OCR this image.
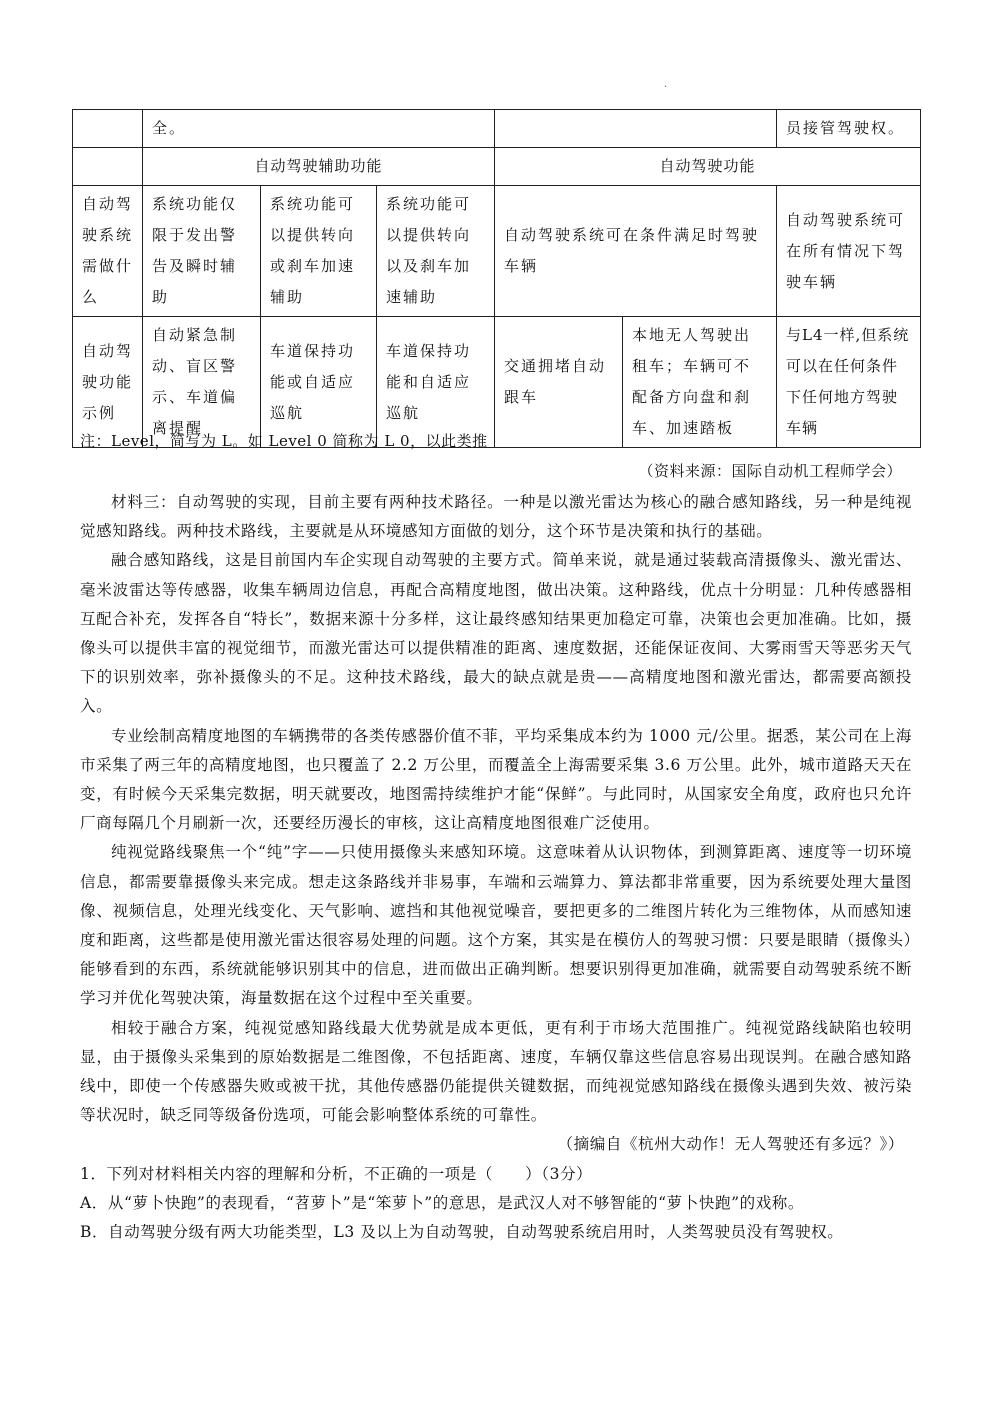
·
	全。					员接管驾驶权。
	自动驾驶辅助功能			自动驾驶功能		
自动驾驶系统需做什么	系统功能仅限于发出警告及瞬时辅助	系统功能可以提供转向或刹车加速辅助	系统功能可以提供转向以及刹车加速辅助	自动驾驶系统可在条件满足时驾驶车辆		自动驾驶系统可在所有情况下驾驶车辆
自动驾驶功能示例	自动紧急制动、盲区警示、车道偏离提醒	车道保持功能或自适应巡航	车道保持功能和自适应巡航	交通拥堵自动跟车	本地无人驾驶出租车；车辆可不配备方向盘和刹车、加速踏板	与L4一样,但系统可以在任何条件下任何地方驾驶车辆
注：Level，简写为 L。如 Level 0 简称为 L 0，以此类推
（资料来源：国际自动机工程师学会）

材料三：自动驾驶的实现，目前主要有两种技术路径。一种是以激光雷达为核心的融合感知路线，另一种是纯视觉感知路线。两种技术路线，主要就是从环境感知方面做的划分，这个环节是决策和执行的基础。

融合感知路线，这是目前国内车企实现自动驾驶的主要方式。简单来说，就是通过装载高清摄像头、激光雷达、毫米波雷达等传感器，收集车辆周边信息，再配合高精度地图，做出决策。这种路线，优点十分明显：几种传感器相互配合补充，发挥各自“特长”，数据来源十分多样，这让最终感知结果更加稳定可靠，决策也会更加准确。比如，摄像头可以提供丰富的视觉细节，而激光雷达可以提供精准的距离、速度数据，还能保证夜间、大雾雨雪天等恶劣天气下的识别效率，弥补摄像头的不足。这种技术路线，最大的缺点就是贵——高精度地图和激光雷达，都需要高额投入。

专业绘制高精度地图的车辆携带的各类传感器价值不菲，平均采集成本约为 1000 元/公里。据悉，某公司在上海市采集了两三年的高精度地图，也只覆盖了 2.2 万公里，而覆盖全上海需要采集 3.6 万公里。此外，城市道路天天在变，有时候今天采集完数据，明天就要改，地图需持续维护才能“保鲜”。与此同时，从国家安全角度，政府也只允许厂商每隔几个月刷新一次，还要经历漫长的审核，这让高精度地图很难广泛使用。

纯视觉路线聚焦一个“纯”字——只使用摄像头来感知环境。这意味着从认识物体，到测算距离、速度等一切环境信息，都需要靠摄像头来完成。想走这条路线并非易事，车端和云端算力、算法都非常重要，因为系统要处理大量图像、视频信息，处理光线变化、天气影响、遮挡和其他视觉噪音，要把更多的二维图片转化为三维物体，从而感知速度和距离，这些都是使用激光雷达很容易处理的问题。这个方案，其实是在模仿人的驾驶习惯：只要是眼睛（摄像头）能够看到的东西，系统就能够识别其中的信息，进而做出正确判断。想要识别得更加准确，就需要自动驾驶系统不断学习并优化驾驶决策，海量数据在这个过程中至关重要。

相较于融合方案，纯视觉感知路线最大优势就是成本更低，更有利于市场大范围推广。纯视觉路线缺陷也较明显，由于摄像头采集到的原始数据是二维图像，不包括距离、速度，车辆仅靠这些信息容易出现误判。在融合感知路线中，即使一个传感器失败或被干扰，其他传感器仍能提供关键数据，而纯视觉感知路线在摄像头遇到失效、被污染等状况时，缺乏同等级备份选项，可能会影响整体系统的可靠性。

（摘编自《杭州大动作！无人驾驶还有多远？》）

1．下列对材料相关内容的理解和分析，不正确的一项是（　　）（3分）

A．从“萝卜快跑”的表现看，“苕萝卜”是“笨萝卜”的意思，是武汉人对不够智能的“萝卜快跑”的戏称。

B．自动驾驶分级有两大功能类型，L3 及以上为自动驾驶，自动驾驶系统启用时，人类驾驶员没有驾驶权。
